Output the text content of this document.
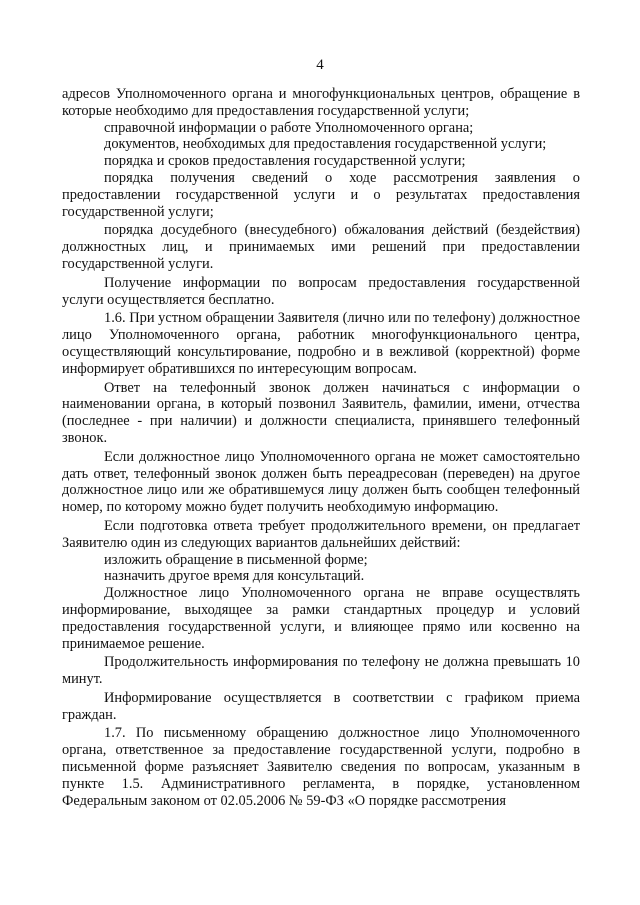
4

адресов Уполномоченного органа и многофункциональных центров, обращение в которые необходимо для предоставления государственной услуги;

справочной информации о работе Уполномоченного органа;

документов, необходимых для предоставления государственной услуги;

порядка и сроков предоставления государственной услуги;

порядка получения сведений о ходе рассмотрения заявления о предоставлении государственной услуги и о результатах предоставления государственной услуги;

порядка досудебного (внесудебного) обжалования действий (бездействия) должностных лиц, и принимаемых ими решений при предоставлении государственной услуги.

Получение информации по вопросам предоставления государственной услуги осуществляется бесплатно.

1.6. При устном обращении Заявителя (лично или по телефону) должностное лицо Уполномоченного органа, работник многофункционального центра, осуществляющий консультирование, подробно и в вежливой (корректной) форме информирует обратившихся по интересующим вопросам.

Ответ на телефонный звонок должен начинаться с информации о наименовании органа, в который позвонил Заявитель, фамилии, имени, отчества (последнее - при наличии) и должности специалиста, принявшего телефонный звонок.

Если должностное лицо Уполномоченного органа не может самостоятельно дать ответ, телефонный звонок должен быть переадресован (переведен) на другое должностное лицо или же обратившемуся лицу должен быть сообщен телефонный номер, по которому можно будет получить необходимую информацию.

Если подготовка ответа требует продолжительного времени, он предлагает Заявителю один из следующих вариантов дальнейших действий:

изложить обращение в письменной форме;

назначить другое время для консультаций.

Должностное лицо Уполномоченного органа не вправе осуществлять информирование, выходящее за рамки стандартных процедур и условий предоставления государственной услуги, и влияющее прямо или косвенно на принимаемое решение.

Продолжительность информирования по телефону не должна превышать 10 минут.

Информирование осуществляется в соответствии с графиком приема граждан.

1.7. По письменному обращению должностное лицо Уполномоченного органа, ответственное за предоставление государственной услуги, подробно в письменной форме разъясняет Заявителю сведения по вопросам, указанным в пункте 1.5. Административного регламента, в порядке, установленном Федеральным законом от 02.05.2006 № 59-ФЗ «О порядке рассмотрения
